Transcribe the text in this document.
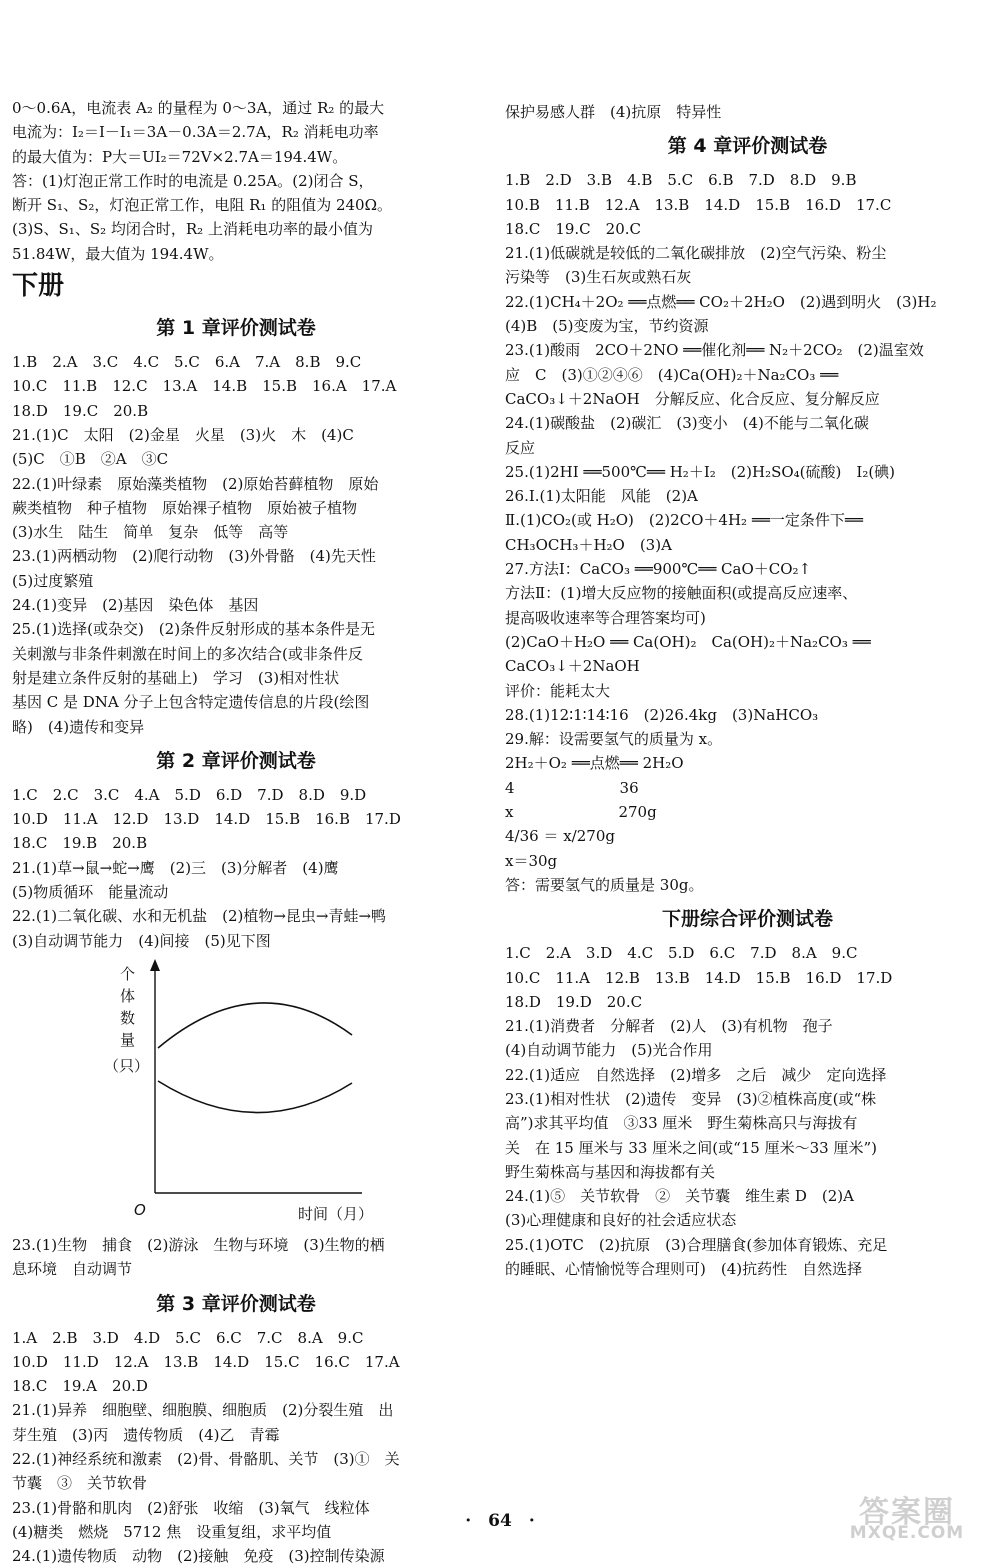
0～0.6A，电流表 A₂ 的量程为 0～3A，通过 R₂ 的最大
电流为：I₂＝I－I₁＝3A－0.3A＝2.7A，R₂ 消耗电功率
的最大值为：P大＝UI₂＝72V×2.7A＝194.4W。
答：(1)灯泡正常工作时的电流是 0.25A。(2)闭合 S，
断开 S₁、S₂，灯泡正常工作，电阻 R₁ 的阻值为 240Ω。
(3)S、S₁、S₂ 均闭合时，R₂ 上消耗电功率的最小值为
51.84W，最大值为 194.4W。
下册
第 1 章评价测试卷
1.B　2.A　3.C　4.C　5.C　6.A　7.A　8.B　9.C
10.C　11.B　12.C　13.A　14.B　15.B　16.A　17.A
18.D　19.C　20.B
21.(1)C　太阳　(2)金星　火星　(3)火　木　(4)C
(5)C　①B　②A　③C
22.(1)叶绿素　原始藻类植物　(2)原始苔藓植物　原始
蕨类植物　种子植物　原始裸子植物　原始被子植物
(3)水生　陆生　简单　复杂　低等　高等
23.(1)两栖动物　(2)爬行动物　(3)外骨骼　(4)先天性
(5)过度繁殖
24.(1)变异　(2)基因　染色体　基因
25.(1)选择(或杂交)　(2)条件反射形成的基本条件是无
关刺激与非条件刺激在时间上的多次结合(或非条件反
射是建立条件反射的基础上)　学习　(3)相对性状
基因 C 是 DNA 分子上包含特定遗传信息的片段(绘图
略)　(4)遗传和变异
第 2 章评价测试卷
1.C　2.C　3.C　4.A　5.D　6.D　7.D　8.D　9.D
10.D　11.A　12.D　13.D　14.D　15.B　16.B　17.D
18.C　19.B　20.B
21.(1)草→鼠→蛇→鹰　(2)三　(3)分解者　(4)鹰
(5)物质循环　能量流动
22.(1)二氧化碳、水和无机盐　(2)植物→昆虫→青蛙→鸭
(3)自动调节能力　(4)间接　(5)见下图
个
体
数
量
（只）
O	时间（月）
23.(1)生物　捕食　(2)游泳　生物与环境　(3)生物的栖
息环境　自动调节
第 3 章评价测试卷
1.A　2.B　3.D　4.D　5.C　6.C　7.C　8.A　9.C
10.D　11.D　12.A　13.B　14.D　15.C　16.C　17.A
18.C　19.A　20.D
21.(1)异养　细胞壁、细胞膜、细胞质　(2)分裂生殖　出
芽生殖　(3)丙　遗传物质　(4)乙　青霉
22.(1)神经系统和激素　(2)骨、骨骼肌、关节　(3)①　关
节囊　③　关节软骨
23.(1)骨骼和肌肉　(2)舒张　收缩　(3)氧气　线粒体
(4)糖类　燃烧　5712 焦　设重复组，求平均值
24.(1)遗传物质　动物　(2)接触　免疫　(3)控制传染源
保护易感人群　(4)抗原　特异性
第 4 章评价测试卷
1.B　2.D　3.B　4.B　5.C　6.B　7.D　8.D　9.B
10.B　11.B　12.A　13.B　14.D　15.B　16.D　17.C
18.C　19.C　20.C
21.(1)低碳就是较低的二氧化碳排放　(2)空气污染、粉尘
污染等　(3)生石灰或熟石灰
22.(1)CH₄＋2O₂ ══点燃══ CO₂＋2H₂O　(2)遇到明火　(3)H₂
(4)B　(5)变废为宝，节约资源
23.(1)酸雨　2CO＋2NO ══催化剂══ N₂＋2CO₂　(2)温室效
应　C　(3)①②④⑥　(4)Ca(OH)₂＋Na₂CO₃ ══
CaCO₃↓＋2NaOH　分解反应、化合反应、复分解反应
24.(1)碳酸盐　(2)碳汇　(3)变小　(4)不能与二氧化碳
反应
25.(1)2HI ══500℃══ H₂＋I₂　(2)H₂SO₄(硫酸)　I₂(碘)
26.Ⅰ.(1)太阳能　风能　(2)A
Ⅱ.(1)CO₂(或 H₂O)　(2)2CO＋4H₂ ══一定条件下══
CH₃OCH₃＋H₂O　(3)A
27.方法Ⅰ：CaCO₃ ══900℃══ CaO＋CO₂↑
方法Ⅱ：(1)增大反应物的接触面积(或提高反应速率、
提高吸收速率等合理答案均可)
(2)CaO＋H₂O ══ Ca(OH)₂　Ca(OH)₂＋Na₂CO₃ ══
CaCO₃↓＋2NaOH
评价：能耗太大
28.(1)12∶1∶14∶16　(2)26.4kg　(3)NaHCO₃
29.解：设需要氢气的质量为 x。
2H₂＋O₂ ══点燃══ 2H₂O
4　　　　　　　36
x　　　　　　　270g
4/36 ＝ x/270g
x＝30g
答：需要氢气的质量是 30g。
下册综合评价测试卷
1.C　2.A　3.D　4.C　5.D　6.C　7.D　8.A　9.C
10.C　11.A　12.B　13.B　14.D　15.B　16.D　17.D
18.D　19.D　20.C
21.(1)消费者　分解者　(2)人　(3)有机物　孢子
(4)自动调节能力　(5)光合作用
22.(1)适应　自然选择　(2)增多　之后　减少　定向选择
23.(1)相对性状　(2)遗传　变异　(3)②植株高度(或“株
高”)求其平均值　③33 厘米　野生菊株高只与海拔有
关　在 15 厘米与 33 厘米之间(或“15 厘米～33 厘米”)
野生菊株高与基因和海拔都有关
24.(1)⑤　关节软骨　②　关节囊　维生素 D　(2)A
(3)心理健康和良好的社会适应状态
25.(1)OTC　(2)抗原　(3)合理膳食(参加体育锻炼、充足
的睡眠、心情愉悦等合理则可)　(4)抗药性　自然选择
·　64　·	答案圈
MXQE.COM
